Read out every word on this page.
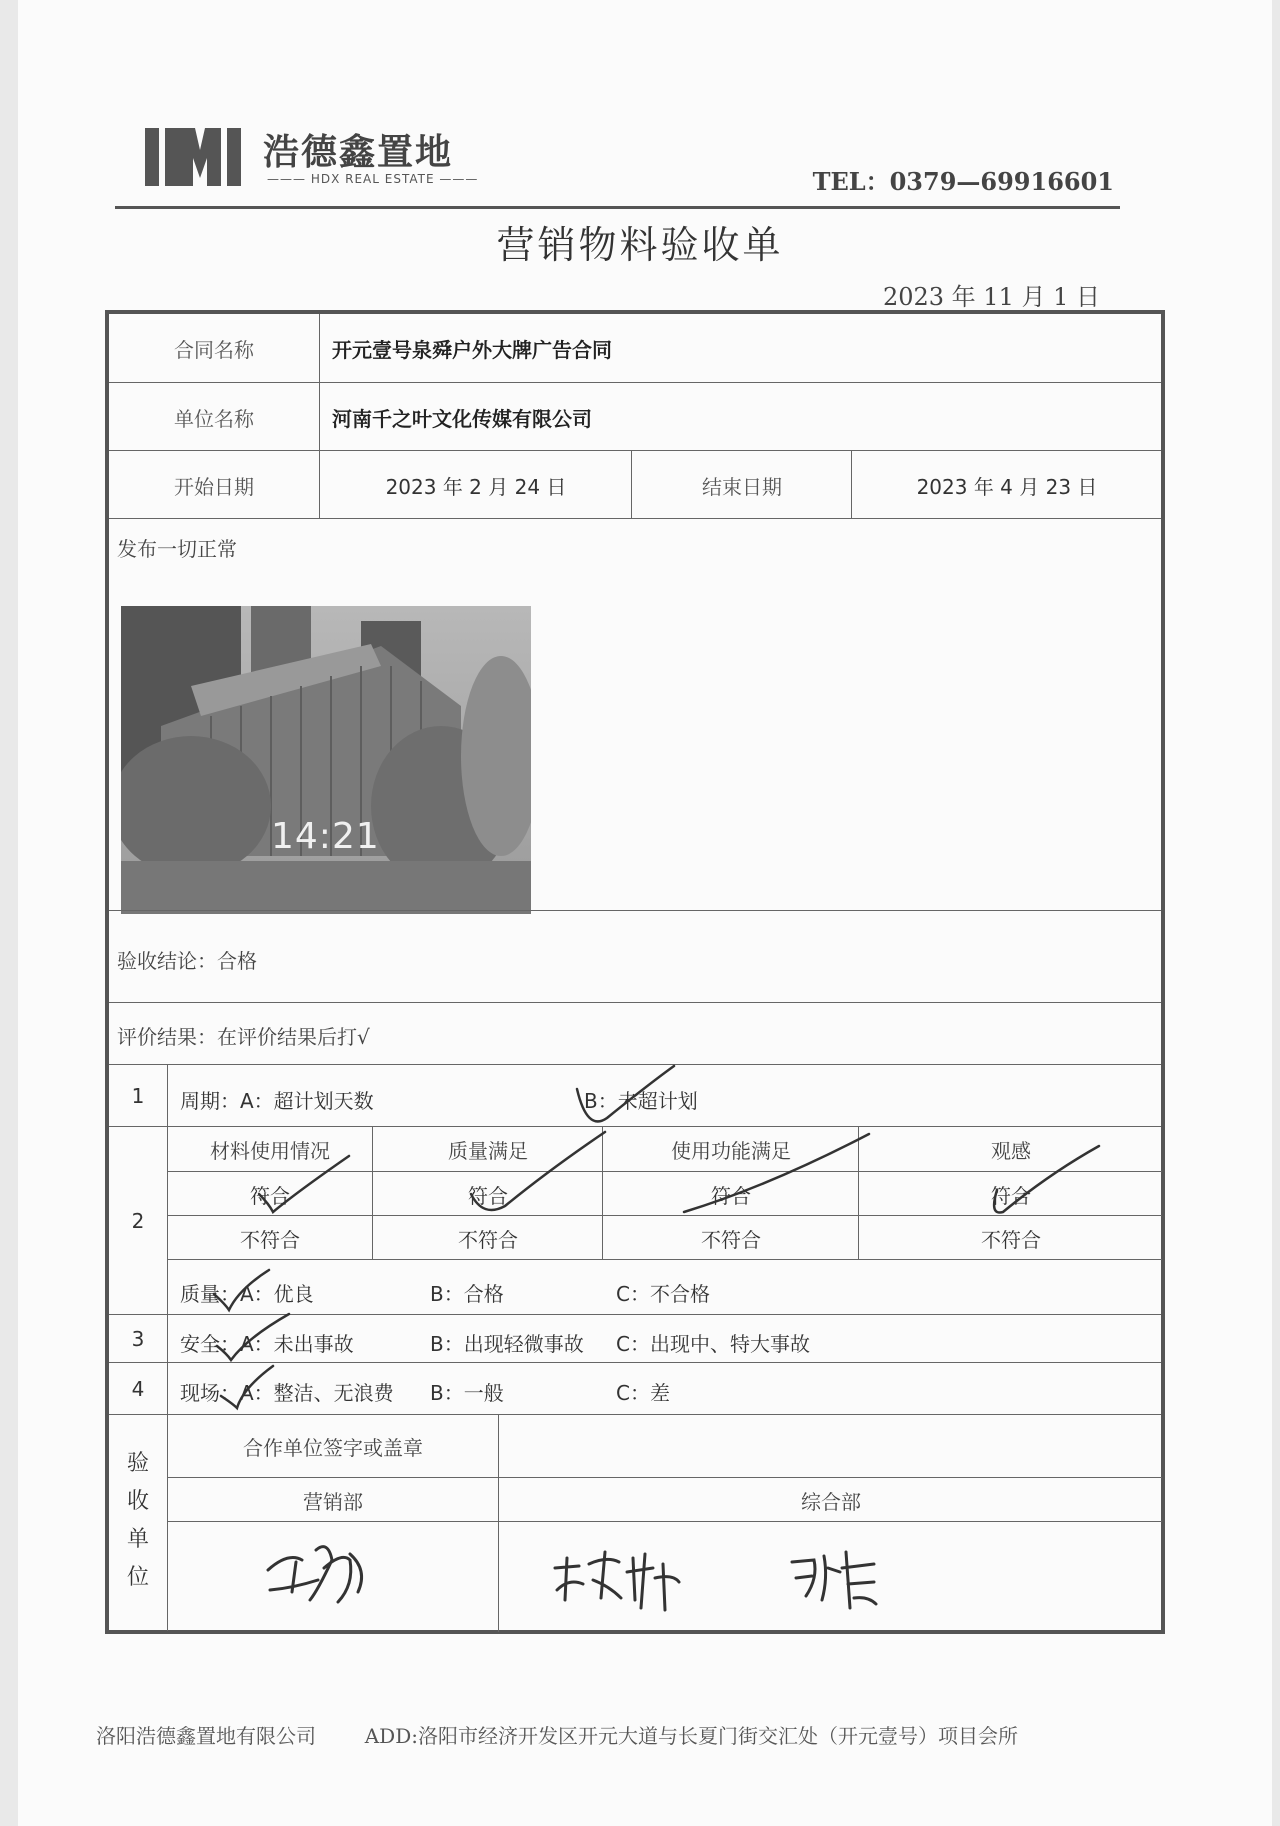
浩德鑫置地
——— HDX REAL ESTATE ———	TEL：0379—69916601
营销物料验收单
2023 年 11 月 1 日
合同名称	开元壹号泉舜户外大牌广告合同
单位名称	河南千之叶文化传媒有限公司
开始日期	2023 年 2 月 24 日	结束日期	2023 年 4 月 23 日
发布一切正常
14:21
验收结论：合格
评价结果：在评价结果后打√
1	周期：A：超计划天数	B：未超计划
2
材料使用情况	质量满足	使用功能满足	观感
符合	符合	符合	符合
不符合	不符合	不符合	不符合
质量：A：优良	B：合格	C：不合格
3	安全：A：未出事故	B：出现轻微事故 C：出现中、特大事故
4	现场：A：整洁、无浪费 B：一般	C：差
验
收
单
位
合作单位签字或盖章
营销部	综合部
洛阳浩德鑫置地有限公司 ADD:洛阳市经济开发区开元大道与长夏门街交汇处（开元壹号）项目会所
